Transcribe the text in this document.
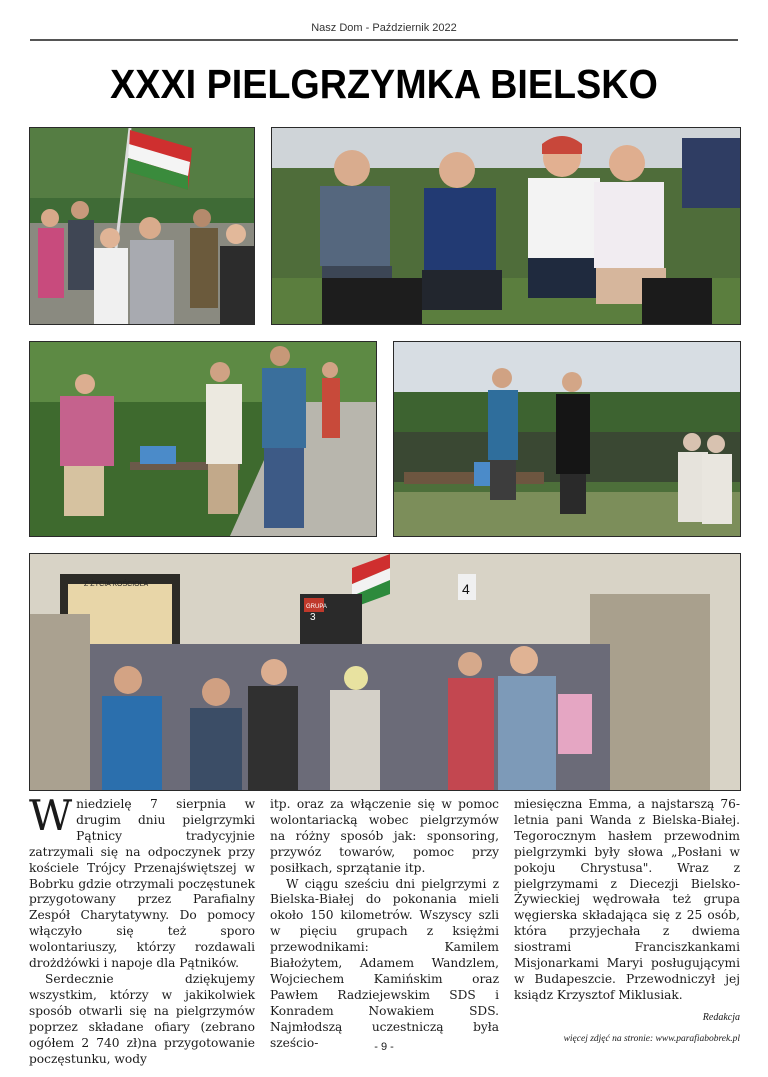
Nasz Dom - Październik 2022
XXXI PIELGRZYMKA BIELSKO
Z ŻYCIA KOŚCIOŁA
GRUPA
3
4

Wniedzielę 7 sierpnia w drugim dniu pielgrzymki Pątnicy tradycyjnie zatrzymali się na odpoczynek przy kościele Trójcy Przenajświętszej w Bobrku gdzie otrzymali poczęstunek przygotowany przez Parafialny Zespół Charytatywny. Do pomocy włączyło się też sporo wolontariuszy, którzy rozdawali drożdżówki i napoje dla Pątników.

Serdecznie dziękujemy wszystkim, którzy w jakikolwiek sposób otwarli się na pielgrzymów poprzez składane ofiary (zebrano ogółem 2 740 zł)na przygotowanie poczęstunku, wody

itp. oraz za włączenie się w pomoc wolontariacką wobec pielgrzymów na różny sposób jak: sponsoring, przywóz towarów, pomoc przy posiłkach, sprzątanie itp.

W ciągu sześciu dni pielgrzymi z Bielska-Białej do pokonania mieli około 150 kilometrów. Wszyscy szli w pięciu grupach z księżmi przewodnikami: Kamilem Białożytem, Adamem Wandzlem, Wojciechem Kamińskim oraz Pawłem Radziejewskim SDS i Konradem Nowakiem SDS. Najmłodszą uczestniczą była sześcio-

miesięczna Emma, a najstarszą 76-letnia pani Wanda z Bielska-Białej. Tegorocznym hasłem przewodnim pielgrzymki były słowa „Posłani w pokoju Chrystusa". Wraz z pielgrzymami z Diecezji Bielsko-Żywieckiej wędrowała też grupa węgierska składająca się z 25 osób, która przyjechała z dwiema siostrami Franciszkankami Misjonarkami Maryi posługującymi w Budapeszcie. Przewodniczył jej ksiądz Krzysztof Miklusiak.

Redakcja
więcej zdjęć na stronie: www.parafiabobrek.pl
- 9 -
